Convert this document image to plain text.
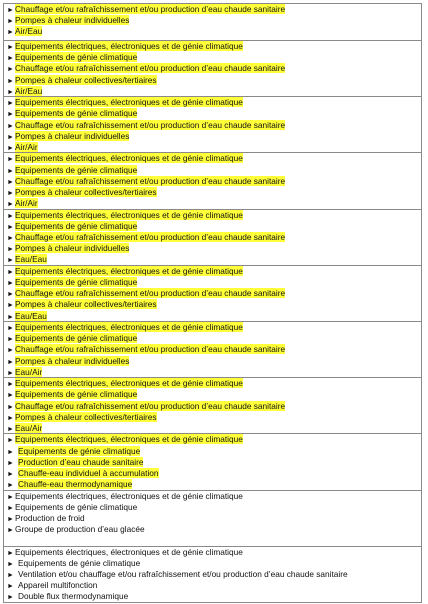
►Chauffage et/ou rafraîchissement et/ou production d’eau chaude sanitaire
►Pompes à chaleur individuelles
►Air/Eau
►Equipements électriques, électroniques et de génie climatique
►Equipements de génie climatique
►Chauffage et/ou rafraîchissement et/ou production d’eau chaude sanitaire
►Pompes à chaleur collectives/tertiaires
►Air/Eau
►Equipements électriques, électroniques et de génie climatique
►Equipements de génie climatique
►Chauffage et/ou rafraîchissement et/ou production d’eau chaude sanitaire
►Pompes à chaleur individuelles
►Air/Air
►Equipements électriques, électroniques et de génie climatique
►Equipements de génie climatique
►Chauffage et/ou rafraîchissement et/ou production d’eau chaude sanitaire
►Pompes à chaleur collectives/tertiaires
►Air/Air
►Equipements électriques, électroniques et de génie climatique
►Equipements de génie climatique
►Chauffage et/ou rafraîchissement et/ou production d’eau chaude sanitaire
►Pompes à chaleur individuelles
►Eau/Eau
►Equipements électriques, électroniques et de génie climatique
►Equipements de génie climatique
►Chauffage et/ou rafraîchissement et/ou production d’eau chaude sanitaire
►Pompes à chaleur collectives/tertiaires
►Eau/Eau
►Equipements électriques, électroniques et de génie climatique
►Equipements de génie climatique
►Chauffage et/ou rafraîchissement et/ou production d’eau chaude sanitaire
►Pompes à chaleur individuelles
►Eau/Air
►Equipements électriques, électroniques et de génie climatique
►Equipements de génie climatique
►Chauffage et/ou rafraîchissement et/ou production d’eau chaude sanitaire
►Pompes à chaleur collectives/tertiaires
►Eau/Air
►Equipements électriques, électroniques et de génie climatique
► Equipements de génie climatique
► Production d’eau chaude sanitaire
► Chauffe-eau individuel à accumulation
► Chauffe-eau thermodynamique
►Equipements électriques, électroniques et de génie climatique
►Equipements de génie climatique
►Production de froid
►Groupe de production d’eau glacée
►Equipements électriques, électroniques et de génie climatique
► Equipements de génie climatique
► Ventilation et/ou chauffage et/ou rafraîchissement et/ou production d’eau chaude sanitaire
► Appareil multifonction
► Double flux thermodynamique
